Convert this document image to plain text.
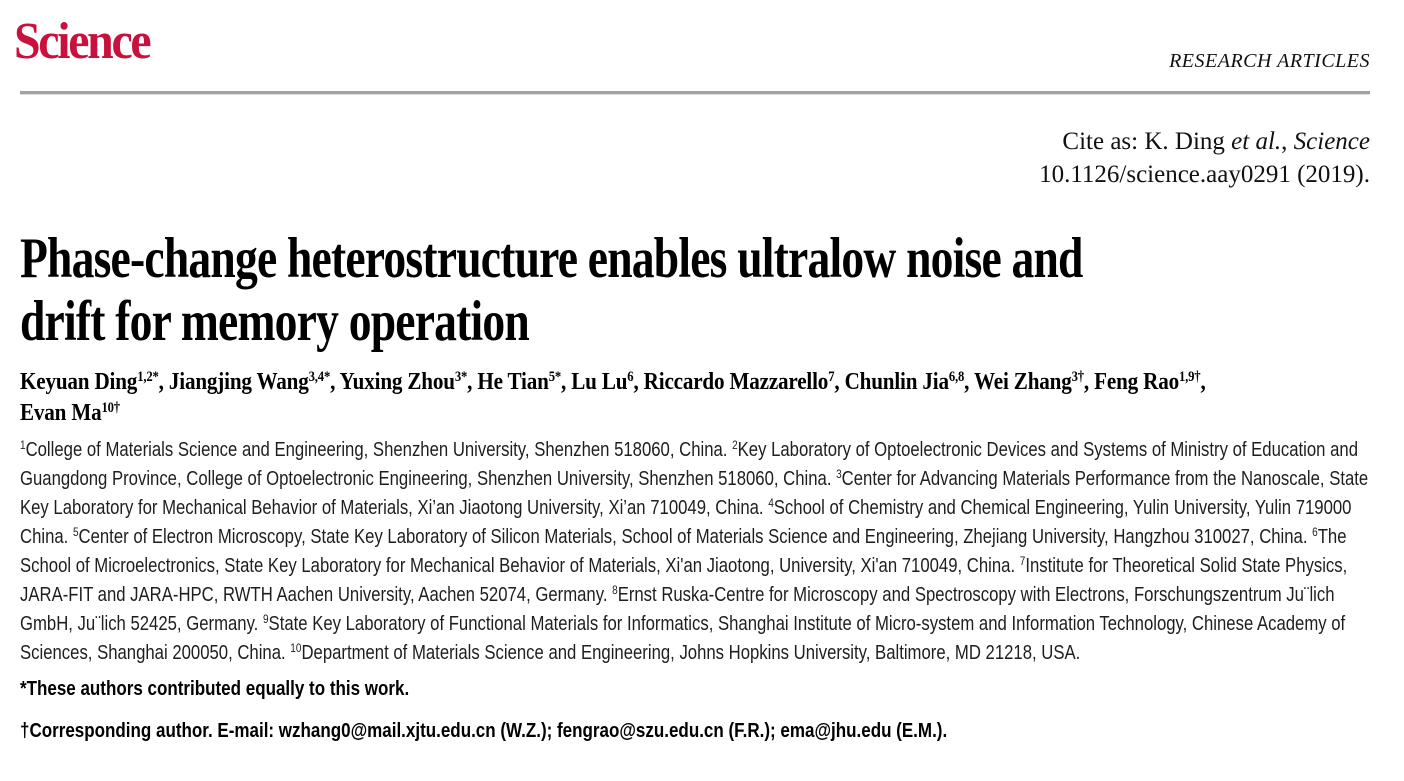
Science	RESEARCH ARTICLES
Cite as: K. Ding et al., Science
10.1126/science.aay0291 (2019).
Phase-change heterostructure enables ultralow noise and
drift for memory operation
Keyuan Ding$^{1,2*}$, Jiangjing Wang$^{3,4*}$, Yuxing Zhou$^{3*}$, He Tian$^{5*}$, Lu Lu$^6$, Riccardo Mazzarello$^7$, Chunlin Jia$^{6,8}$, Wei Zhang$^{3\dagger}$, Feng Rao$^{1,9\dagger}$,
Evan $Ma^{10\dagger}$
$^1$College of Materials Science and Engineering, Shenzhen University, Shenzhen 518060, China. $^2$Key Laboratory of Optoelectronic Devices and Systems of Ministry of Education and Guangdong Province, College of Optoelectronic Engineering, Shenzhen University, Shenzhen 518060, China. $^3$Center for Advancing Materials Performance from the Nanoscale, State Key Laboratory for Mechanical Behavior of Materials, Xi’an Jiaotong University, Xi’an 710049, China. $^4$School of Chemistry and Chemical Engineering, Yulin University, Yulin 719000 China. $^5$Center of Electron Microscopy, State Key Laboratory of Silicon Materials, School of Materials Science and Engineering, Zhejiang University, Hangzhou 310027, China. $^6$The School of Microelectronics, State Key Laboratory for Mechanical Behavior of Materials, Xi'an Jiaotong, University, Xi'an 710049, China. $^7$Institute for Theoretical Solid State Physics, JARA-FIT and JARA-HPC, RWTH Aachen University, Aachen 52074, Germany. $^8$Ernst Ruska-Centre for Microscopy and Spectroscopy with Electrons, Forschungszentrum Ju¨lich GmbH, Ju¨lich 52425, Germany. $^9$State Key Laboratory of Functional Materials for Informatics, Shanghai Institute of Micro-system and Information Technology, Chinese Academy of Sciences, Shanghai 200050, China. $^{10}$Department of Materials Science and Engineering, Johns Hopkins University, Baltimore, MD 21218, USA.
*These authors contributed equally to this work.
†Corresponding author. E-mail: wzhang0@mail.xjtu.edu.cn (W.Z.); fengrao@szu.edu.cn (F.R.); ema@jhu.edu (E.M.).
